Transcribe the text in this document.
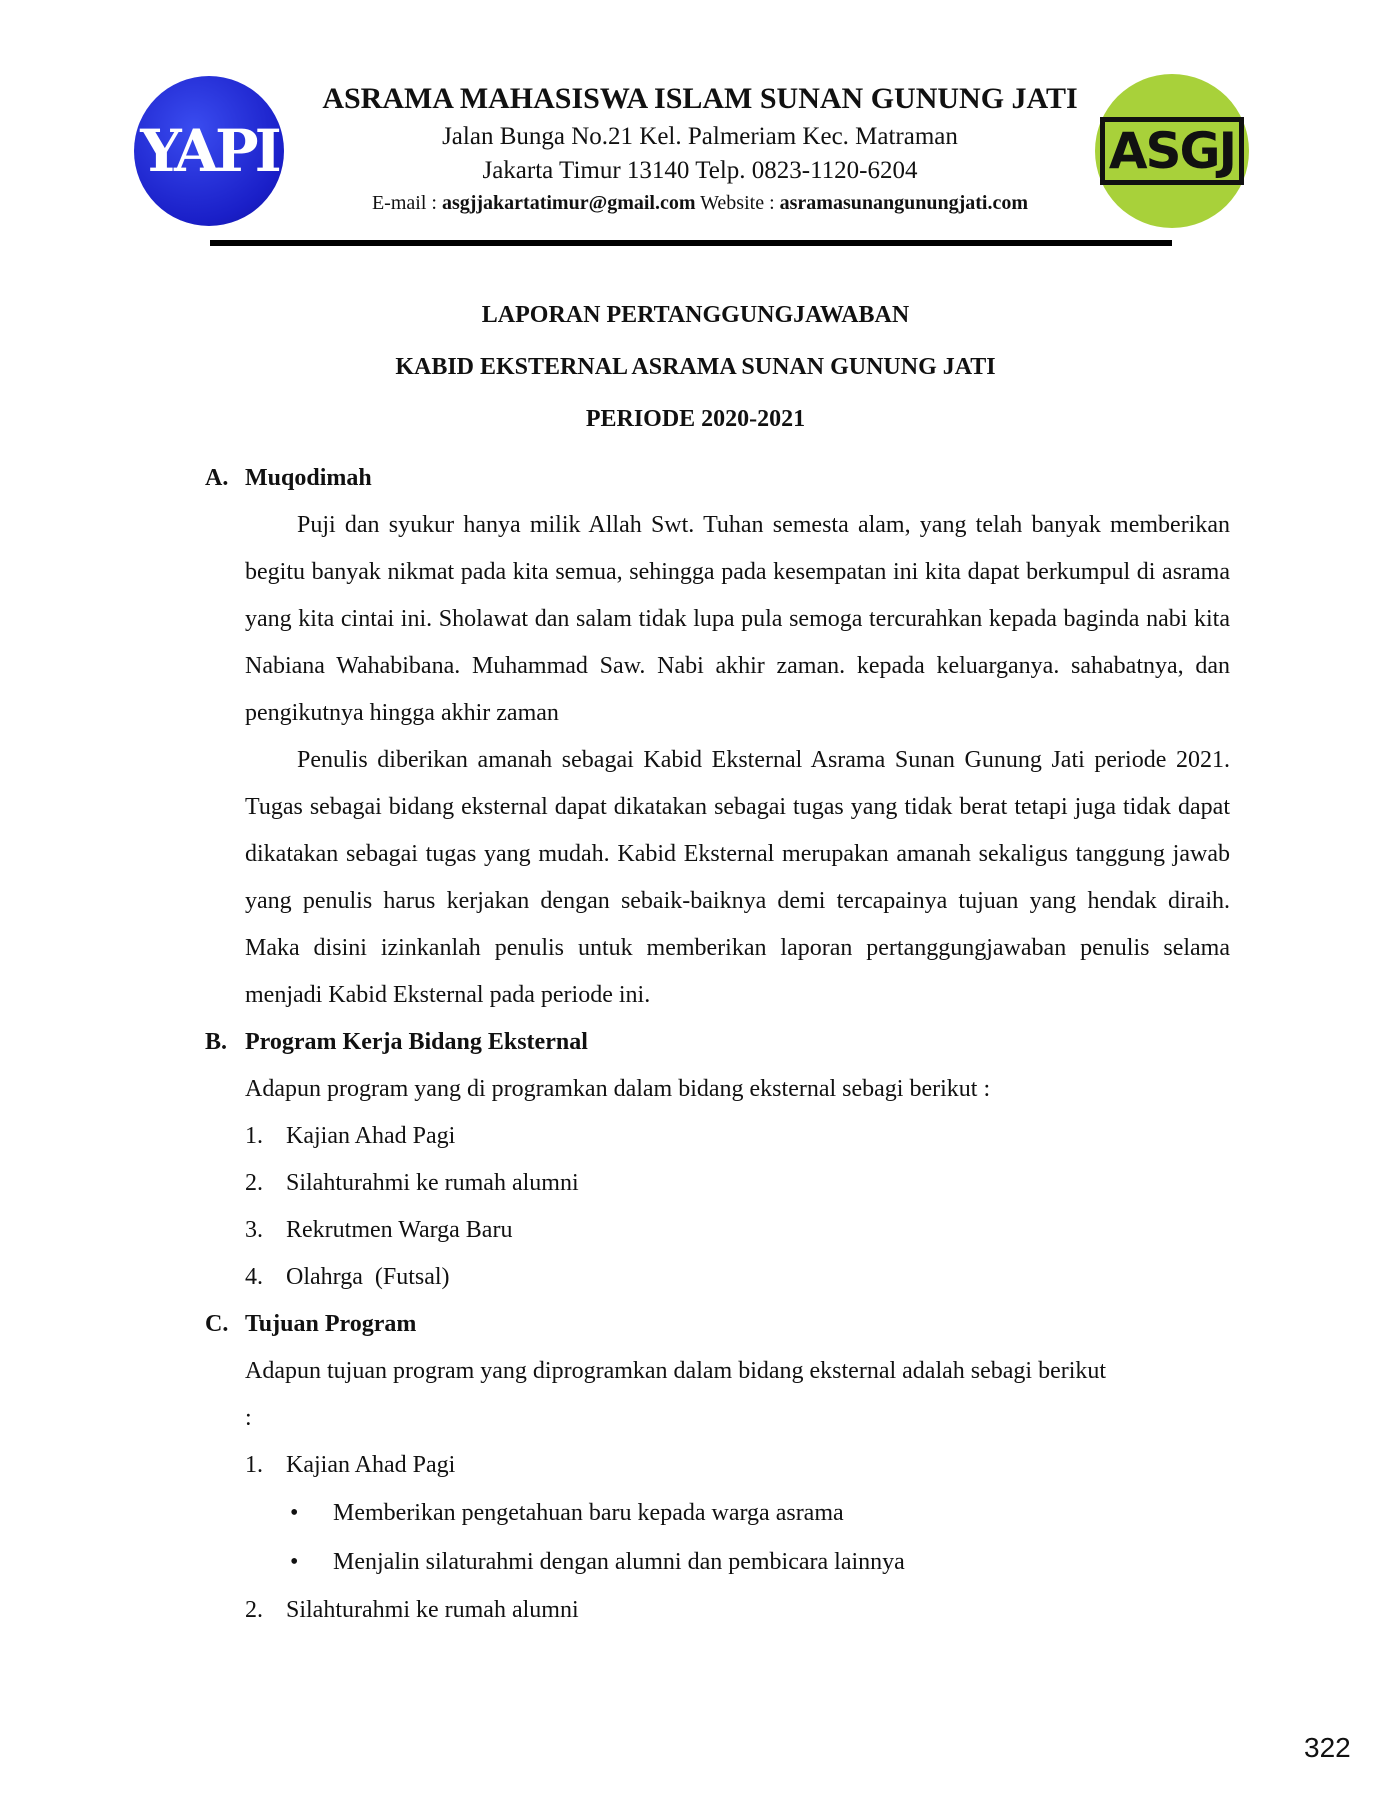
YAPI	ASGJ
ASRAMA MAHASISWA ISLAM SUNAN GUNUNG JATI
Jalan Bunga No.21 Kel. Palmeriam Kec. Matraman
Jakarta Timur 13140 Telp. 0823-1120-6204
E-mail : asgjjakartatimur@gmail.com Website : asramasunangunungjati.com
LAPORAN PERTANGGUNGJAWABAN
KABID EKSTERNAL ASRAMA SUNAN GUNUNG JATI
PERIODE 2020-2021
A. Muqodimah
Puji dan syukur hanya milik Allah Swt. Tuhan semesta alam, yang telah banyak memberikan begitu banyak nikmat pada kita semua, sehingga pada kesempatan ini kita dapat berkumpul di asrama yang kita cintai ini. Sholawat dan salam tidak lupa pula semoga tercurahkan kepada baginda nabi kita Nabiana Wahabibana. Muhammad Saw. Nabi akhir zaman. kepada keluarganya. sahabatnya, dan pengikutnya hingga akhir zaman
Penulis diberikan amanah sebagai Kabid Eksternal Asrama Sunan Gunung Jati periode 2021. Tugas sebagai bidang eksternal dapat dikatakan sebagai tugas yang tidak berat tetapi juga tidak dapat dikatakan sebagai tugas yang mudah. Kabid Eksternal merupakan amanah sekaligus tanggung jawab yang penulis harus kerjakan dengan sebaik-baiknya demi tercapainya tujuan yang hendak diraih. Maka disini izinkanlah penulis untuk memberikan laporan pertanggungjawaban penulis selama menjadi Kabid Eksternal pada periode ini.
B. Program Kerja Bidang Eksternal
Adapun program yang di programkan dalam bidang eksternal sebagi berikut :
1. Kajian Ahad Pagi
2. Silahturahmi ke rumah alumni
3. Rekrutmen Warga Baru
4. Olahrga  (Futsal)
C. Tujuan Program
Adapun tujuan program yang diprogramkan dalam bidang eksternal adalah sebagi berikut
:
1. Kajian Ahad Pagi
•	Memberikan pengetahuan baru kepada warga asrama
•	Menjalin silaturahmi dengan alumni dan pembicara lainnya
2. Silahturahmi ke rumah alumni
322
